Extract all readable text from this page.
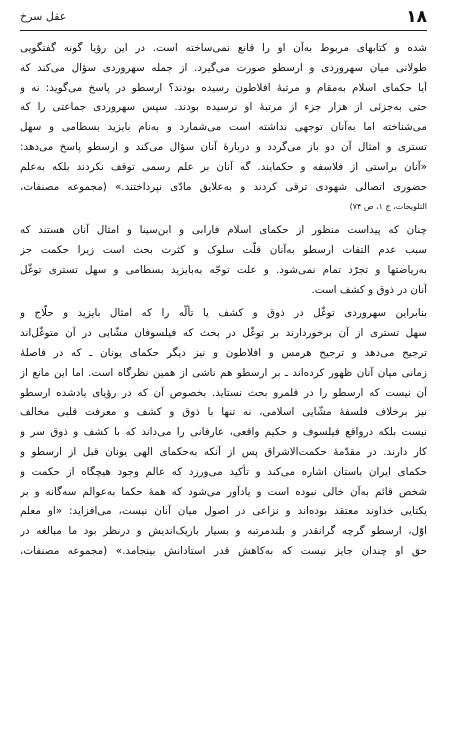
۱۸
عقل سرخ

شده و کتابهای مربوط به‌آن او را قانع نمی‌ساخته است. در این رؤیا گونه گفتگویی
طولانی میان سهروردی و ارسطو صورت می‌گیرد. از جمله سهروردی سؤال می‌کند که
آیا حکمای اسلام به‌مقام و مرتبهٔ افلاطون رسیده بودند؟ ارسطو در پاسخ می‌گوید: نه و
حتی به‌جزئی از هزار جزء از مرتبهٔ او نرسیده بودند. سپس سهروردی جماعتی را که
می‌شناخته اما به‌آنان توجهی نداشته است می‌شمارد و به‌نام بایزید بسطامی و سهل
تستری و امثال آن دو باز می‌گردد و دربارهٔ آنان سؤال می‌کند و ارسطو پاسخ می‌دهد:
«آنان براستی از فلاسفه و حکمایند. گه آنان بر علم رسمی توقف نکردند بلکه به‌علم
حضوری اتصالی شهودی ترقی کردند و به‌علایق مادّی نپرداختند.» (مجموعه مصنفات،
التلویحات، ج ۱، ص ۷۴)

چنان که پیداست منظور از حکمای اسلام فارابی و ابن‌سینا و امثال آنان هستند که
سبب عدم التفات ارسطو به‌آنان قلّت سلوک و کثرت بحث است زیرا حکمت جز
به‌ریاضتها و تجرّد تمام نمی‌شود. و علت توجّه به‌بایزید بسطامی و سهل تستری توغّل
آنان در ذوق و کشف است.

بنابراین سهروردی توغّل در ذوق و کشف یا تألّه را که امثال بایزید و حلّاج و
سهل تستری از آن برخوردارند بر توغّل در بحث که فیلسوفان مشّایی در آن متوغّل‌اند
ترجیح می‌دهد و ترجیح هرمس و افلاطون و نیز دیگر حکمای یونان ـ که در فاصلهٔ
زمانی میان آنان ظهور کرده‌اند ـ بر ارسطو هم ناشی از همین نظرگاه است. اما این مانع از
آن نیست که ارسطو را در قلمرو بحث نستاید. بخصوص آن که در رؤیای یادشده ارسطو
نیز برخلاف فلسفهٔ مشّایی اسلامی، نه تنها با ذوق و کشف و معرفت قلبی مخالف
نیست بلکه درواقع فیلسوف و حکیم واقعی، عارفانی را می‌داند که با کشف و ذوق سر و
کار دارند. در مقدّمهٔ حکمت‌الاشراق پس از آنکه به‌حکمای الهی یونان قبل از ارسطو و
حکمای ایران باستان اشاره می‌کند و تأکید می‌ورزد که عالم وجود هیچگاه از حکمت و
شخص قائم به‌آن خالی نبوده است و یادآور می‌شود که همهٔ حکما به‌عوالم سه‌گانه و بر
یکتایی خداوند معتقد بوده‌اند و نزاعی در اصول میان آنان نیست، می‌افزاید: «او معلم
اوّل، ارسطو گرچه گرانقدر و بلندمرتبه و بسیار باریک‌اندیش و درنظر بود ما مبالغه در
حق او چندان جایز نیست که به‌کاهش قدر استادانش بینجامد.» (مجموعه مصنفات،
